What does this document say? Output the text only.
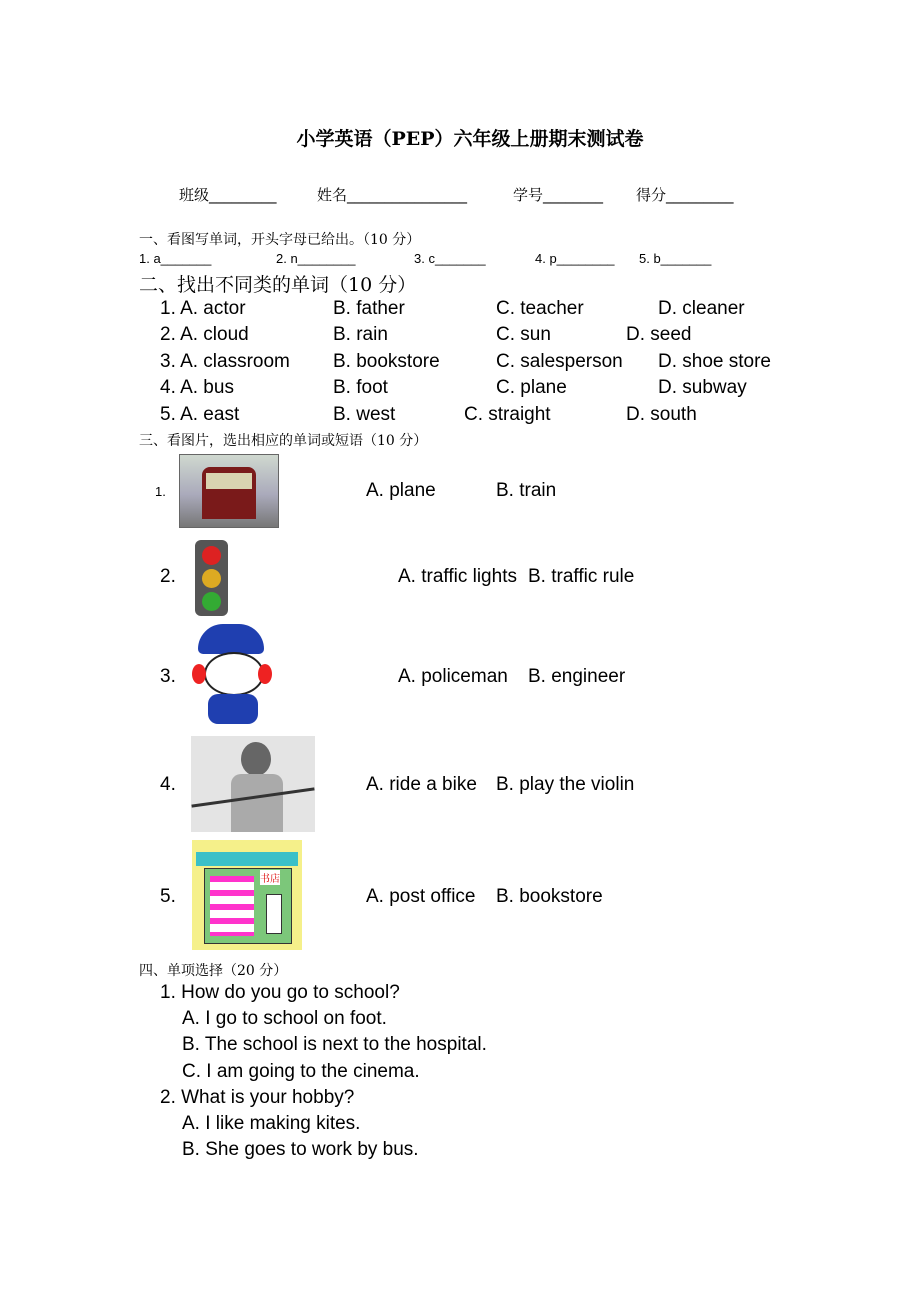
小学英语（PEP）六年级上册期末测试卷
班级_________	姓名________________	学号________ 得分_________
一、看图写单词，开头字母已给出。（10 分）
1. a_______	2. n________	3. c_______	4. p________ 5. b_______
二、找出不同类的单词（10 分）
1. A. actor	B. father	C. teacher	D. cleaner
2. A. cloud	B. rain	C. sun	D. seed
3. A. classroom B. bookstore	C. salesperson D. shoe store
4. A. bus	B. foot	C. plane	D. subway
5. A. east	B. west	C. straight	D. south
三、看图片，选出相应的单词或短语（10 分）
1.	A. plane	B. train
2.	A. traffic lights B. traffic rule
3.	A. policeman B. engineer
4.	A. ride a bike B. play the violin
5.
书店
A. post office B. bookstore
四、单项选择（20 分）
1. How do you go to school?
A. I go to school on foot.
B. The school is next to the hospital.
C. I am going to the cinema.
2. What is your hobby?
A. I like making kites.
B. She goes to work by bus.
